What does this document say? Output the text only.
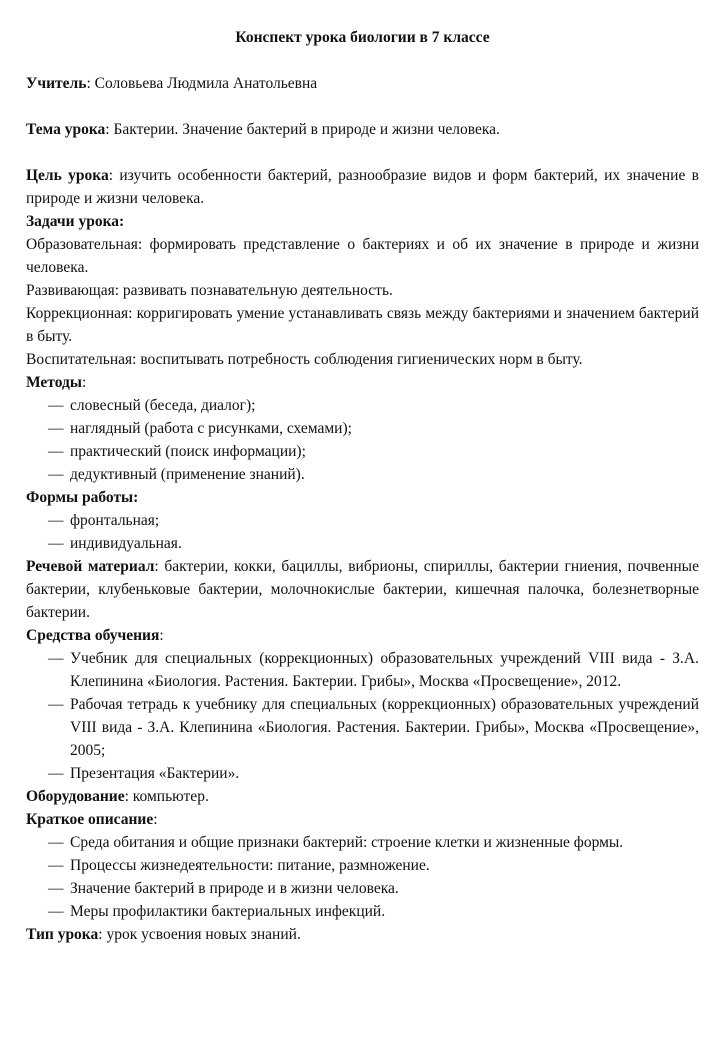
Конспект урока биологии в 7 классе

Учитель: Соловьева Людмила Анатольевна

Тема урока: Бактерии. Значение бактерий в природе и жизни человека.

Цель урока: изучить особенности бактерий, разнообразие видов и форм бактерий, их значение в природе и жизни человека.

Задачи урока:

Образовательная: формировать представление о бактериях и об их значение в природе и жизни человека.

Развивающая: развивать познавательную деятельность.

Коррекционная: корригировать умение устанавливать связь между бактериями и значением бактерий в быту.

Воспитательная: воспитывать потребность соблюдения гигиенических норм в быту.

Методы:

— словесный (беседа, диалог);
— наглядный (работа с рисунками, схемами);
— практический (поиск информации);
— дедуктивный (применение знаний).

Формы работы:

— фронтальная;
— индивидуальная.

Речевой материал: бактерии, кокки, бациллы, вибрионы, спириллы, бактерии гниения, почвенные бактерии, клубеньковые бактерии, молочнокислые бактерии, кишечная палочка, болезнетворные бактерии.

Средства обучения:

— Учебник для специальных (коррекционных) образовательных учреждений VIII вида - З.А. Клепинина «Биология. Растения. Бактерии. Грибы», Москва «Просвещение», 2012.
— Рабочая тетрадь к учебнику для специальных (коррекционных) образовательных учреждений VIII вида - З.А. Клепинина «Биология. Растения. Бактерии. Грибы», Москва «Просвещение», 2005;
— Презентация «Бактерии».

Оборудование: компьютер.

Краткое описание:

— Среда обитания и общие признаки бактерий: строение клетки и жизненные формы.
— Процессы жизнедеятельности: питание, размножение.
— Значение бактерий в природе и в жизни человека.
— Меры профилактики бактериальных инфекций.

Тип урока: урок усвоения новых знаний.
